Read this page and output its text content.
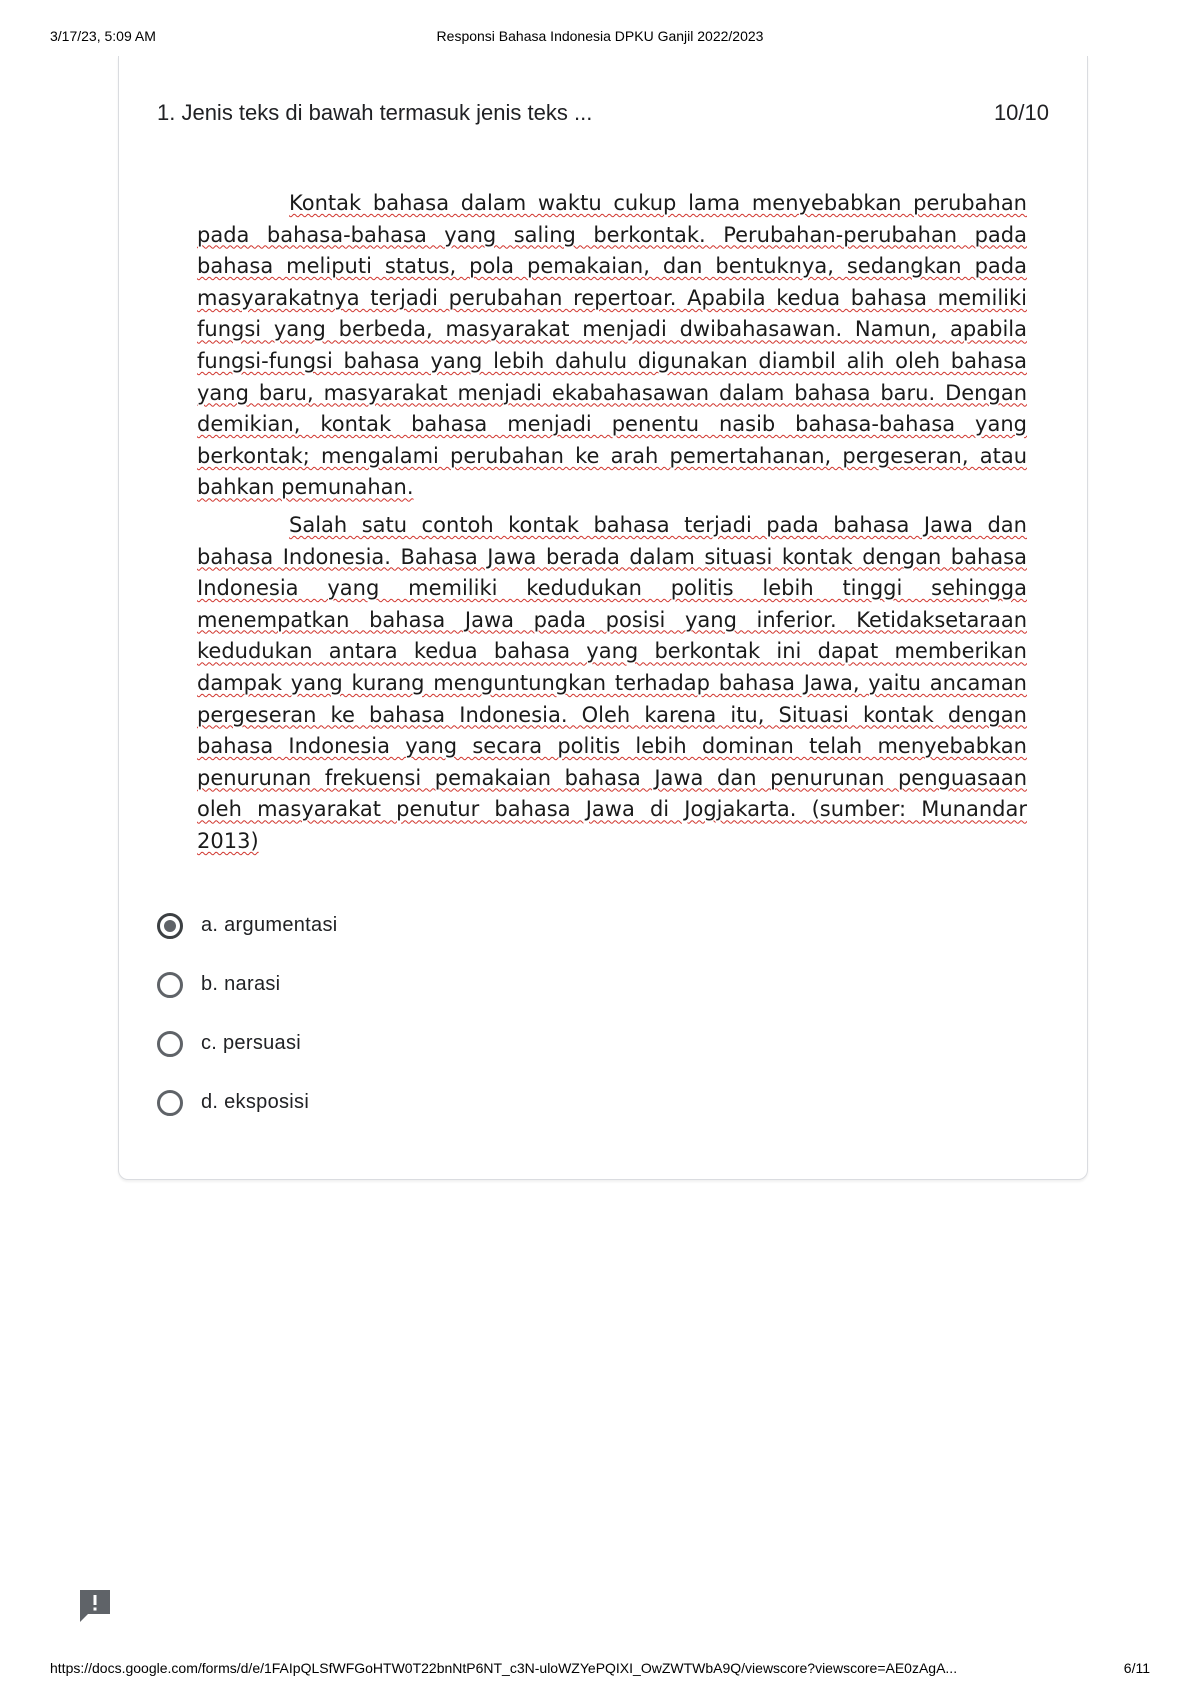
3/17/23, 5:09 AM	Responsi Bahasa Indonesia DPKU Ganjil 2022/2023
1. Jenis teks di bawah termasuk jenis teks ...	10/10

Kontak bahasa dalam waktu cukup lama menyebabkan perubahan pada bahasa-bahasa yang saling berkontak. Perubahan-perubahan pada bahasa meliputi status, pola pemakaian, dan bentuknya, sedangkan pada masyarakatnya terjadi perubahan repertoar. Apabila kedua bahasa memiliki fungsi yang berbeda, masyarakat menjadi dwibahasawan. Namun, apabila fungsi-fungsi bahasa yang lebih dahulu digunakan diambil alih oleh bahasa yang baru, masyarakat menjadi ekabahasawan dalam bahasa baru. Dengan demikian, kontak bahasa menjadi penentu nasib bahasa-bahasa yang berkontak; mengalami perubahan ke arah pemertahanan, pergeseran, atau bahkan pemunahan.

Salah satu contoh kontak bahasa terjadi pada bahasa Jawa dan bahasa Indonesia. Bahasa Jawa berada dalam situasi kontak dengan bahasa Indonesia yang memiliki kedudukan politis lebih tinggi sehingga menempatkan bahasa Jawa pada posisi yang inferior. Ketidaksetaraan kedudukan antara kedua bahasa yang berkontak ini dapat memberikan dampak yang kurang menguntungkan terhadap bahasa Jawa, yaitu ancaman pergeseran ke bahasa Indonesia. Oleh karena itu, Situasi kontak dengan bahasa Indonesia yang secara politis lebih dominan telah menyebabkan penurunan frekuensi pemakaian bahasa Jawa dan penurunan penguasaan oleh masyarakat penutur bahasa Jawa di Jogjakarta. (sumber: Munandar 2013)

a. argumentasi
b. narasi
c. persuasi
d. eksposisi
https://docs.google.com/forms/d/e/1FAIpQLSfWFGoHTW0T22bnNtP6NT_c3N-uloWZYePQIXI_OwZWTWbA9Q/viewscore?viewscore=AE0zAgA...	6/11
